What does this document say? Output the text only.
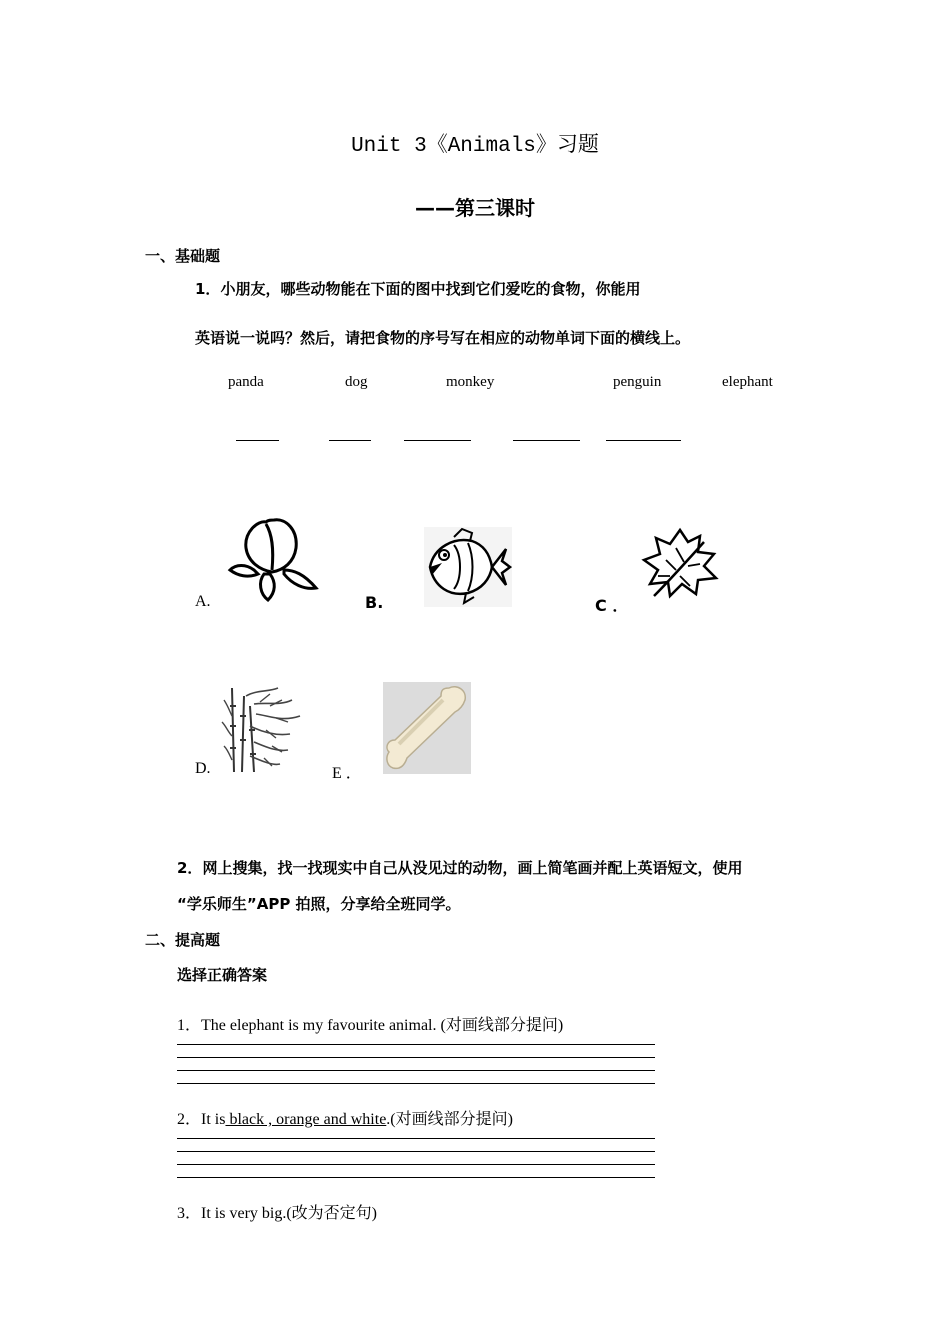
Unit 3《Animals》习题
——第三课时
一、基础题
1．小朋友，哪些动物能在下面的图中找到它们爱吃的食物，你能用
英语说一说吗？然后，请把食物的序号写在相应的动物单词下面的横线上。
panda	dog	monkey	penguin	elephant
A.	B.	C ．
D.	E ．
2．网上搜集，找一找现实中自己从没见过的动物，画上简笔画并配上英语短文，使用
“学乐师生”APP 拍照，分享给全班同学。
二、提高题
选择正确答案
1．The elephant is my favourite animal. (对画线部分提问)
2．It is black , orange and white.(对画线部分提问)
3．It is very big.(改为否定句)
